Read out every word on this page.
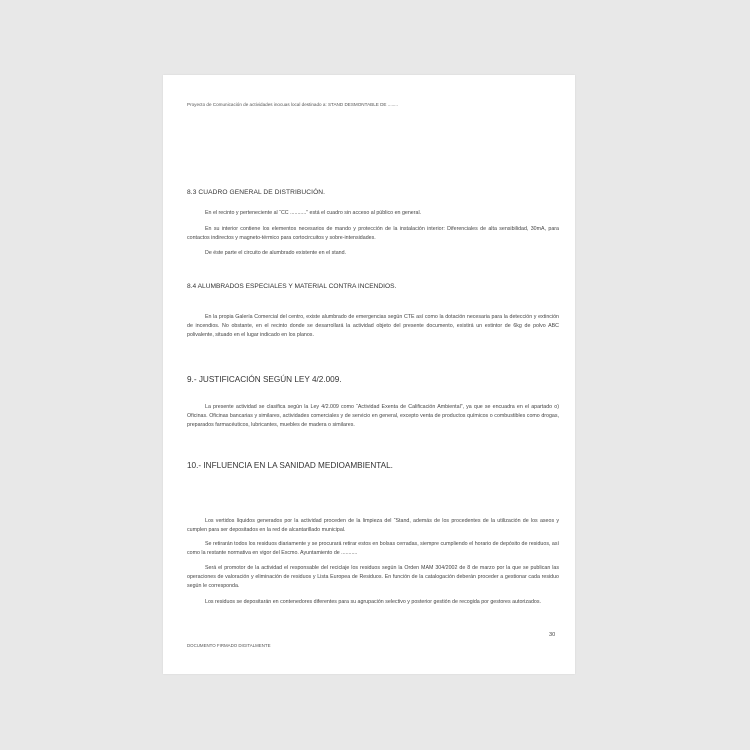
Proyecto de Comunicación de actividades inocuas local destinado a: STAND DESMONTABLE DE ........
8.3 CUADRO GENERAL DE DISTRIBUCIÓN.

En el recinto y perteneciente al “CC ...........” está el cuadro sin acceso al público en general.

En su interior contiene los elementos necesarios de mando y protección de la instalación interior: Diferenciales de alta sensibilidad, 30mA, para contactos indirectos y magneto-térmico para cortocircuitos y sobre-intensidades.

De éste parte el circuito de alumbrado existente en el stand.

8.4 ALUMBRADOS ESPECIALES Y MATERIAL CONTRA INCENDIOS.

En la propia Galería Comercial del centro, existe alumbrado de emergencias según CTE así como la dotación necesaria para la detección y extinción de incendios. No obstante, en el recinto donde se desarrollará la actividad objeto del presente documento, existirá un extintor de 6kg de polvo ABC polivalente, situado en el lugar indicado en los planos.

9.- JUSTIFICACIÓN SEGÚN LEY 4/2.009.

La presente actividad se clasifica según la Ley 4/2.009 como “Actividad Exenta de Calificación Ambiental”, ya que se encuadra en el apartado o) Oficinas. Oficinas bancarias y similares, actividades comerciales y de servicio en general, excepto venta de productos químicos o combustibles como drogas, preparados farmacéuticos, lubricantes, muebles de madera o similares.

10.- INFLUENCIA EN LA SANIDAD MEDIOAMBIENTAL.

Los vertidos líquidos generados por la actividad proceden de la limpieza del “Stand, además de los procedentes de la utilización de los aseos y cumplen para ser depositados en la red de alcantarillado municipal.

Se retirarán todos los residuos diariamente y se procurará retirar estos en bolsas cerradas, siempre cumpliendo el horario de depósito de residuos, así como la restante normativa en vigor del Excmo. Ayuntamiento de ...........

Será el promotor de la actividad el responsable del reciclaje los residuos según la Orden MAM 304/2002 de 8 de marzo por la que se publican las operaciones de valoración y eliminación de residuos y Lista Europea de Residuos. En función de la catalogación deberán proceder a gestionar cada residuo según le corresponda.

Los residuos se depositarán en contenedores diferentes para su agrupación selectivo y posterior gestión de recogida por gestores autorizados.

30
DOCUMENTO FIRMADO DIGITALMENTE
